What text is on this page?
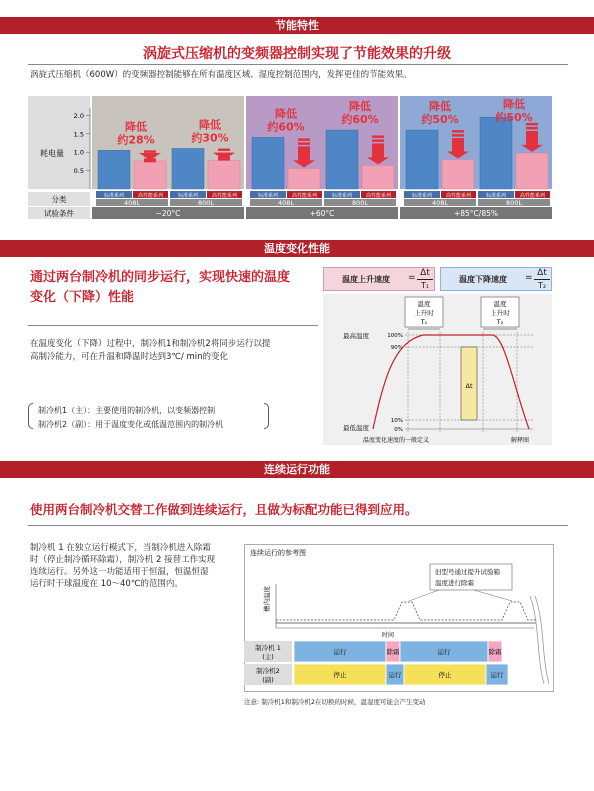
节能特性
涡旋式压缩机的变频器控制实现了节能效果的升级
涡旋式压缩机（600W）的变频器控制能够在所有温度区域、湿度控制范围内，发挥更佳的节能效果。
耗电量
2.0
1.5
1.0
0.5
分类
试验条件	−20°C
标准系列	高性能系列
408L
降低
约28%
标准系列	高性能系列
800L
降低
约30%
+60°C
标准系列	高性能系列
408L
降低
约60%
标准系列	高性能系列
800L
降低
约60%
+85°C/85%
标准系列	高性能系列
408L
降低
约50%
标准系列	高性能系列
800L
降低
约50%
温度变化性能
通过两台制冷机的同步运行，实现快速的温度
变化（下降）性能
在温度变化（下降）过程中，制冷机1和制冷机2将同步运行以提
高制冷能力，可在升温和降温时达到3℃/ min的变化
制冷机1（主）：主要使用的制冷机，以变频器控制
制冷机2（副）：用于温度变化或低温范围内的制冷机
温度上升速度 = Δt
T₁
温度下降速度 = Δt
T₂
温度
上升时
T₁
温度
上升时
T₂
最高温度
最低温度
100%
90%
10%
0%
Δt
温度变化速度的一般定义	解释图
连续运行功能
使用两台制冷机交替工作做到连续运行，且做为标配功能已得到应用。
制冷机 1 在独立运行模式下，当制冷机进入除霜
时（停止制冷循环除霜），制冷机 2 接替工作实现
连续运行。另外这一功能适用于恒温，恒温恒湿
运行时干球温度在 10～40℃的范围内。
连续运行的参考图
旧型号通过提升试验箱
温度进行除霜
槽内温度
时间
制冷机 1
(主)
制冷机2
(副)
运行	除霜	运行	除霜
停止	运行	停止	运行
注意: 制冷机1和制冷机2在切换的时候，温湿度可能会产生变动
